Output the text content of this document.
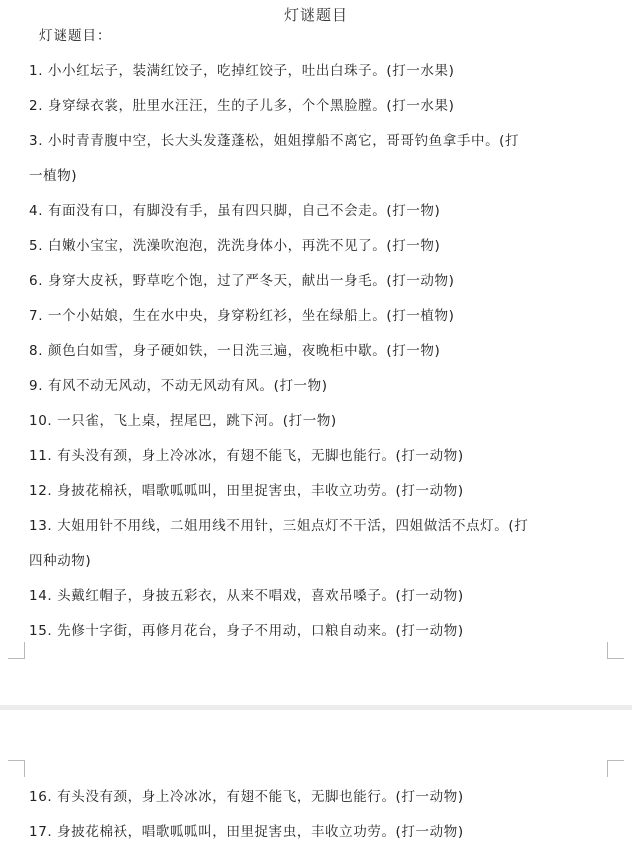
灯谜题目
灯谜题目：
1. 小小红坛子，装满红饺子，吃掉红饺子，吐出白珠子。(打一水果)
2. 身穿绿衣裳，肚里水汪汪，生的子儿多，个个黑脸膛。(打一水果)
3. 小时青青腹中空，长大头发蓬蓬松，姐姐撑船不离它，哥哥钓鱼拿手中。(打
一植物)
4. 有面没有口，有脚没有手，虽有四只脚，自己不会走。(打一物)
5. 白嫩小宝宝，洗澡吹泡泡，洗洗身体小，再洗不见了。(打一物)
6. 身穿大皮袄，野草吃个饱，过了严冬天，献出一身毛。(打一动物)
7. 一个小姑娘，生在水中央，身穿粉红衫，坐在绿船上。(打一植物)
8. 颜色白如雪，身子硬如铁，一日洗三遍，夜晚柜中歇。(打一物)
9. 有风不动无风动，不动无风动有风。(打一物)
10. 一只雀，飞上桌，捏尾巴，跳下河。(打一物)
11. 有头没有颈，身上冷冰冰，有翅不能飞，无脚也能行。(打一动物)
12. 身披花棉袄，唱歌呱呱叫，田里捉害虫，丰收立功劳。(打一动物)
13. 大姐用针不用线，二姐用线不用针，三姐点灯不干活，四姐做活不点灯。(打
四种动物)
14. 头戴红帽子，身披五彩衣，从来不唱戏，喜欢吊嗓子。(打一动物)
15. 先修十字街，再修月花台，身子不用动，口粮自动来。(打一动物)
16. 有头没有颈，身上冷冰冰，有翅不能飞，无脚也能行。(打一动物)
17. 身披花棉袄，唱歌呱呱叫，田里捉害虫，丰收立功劳。(打一动物)
